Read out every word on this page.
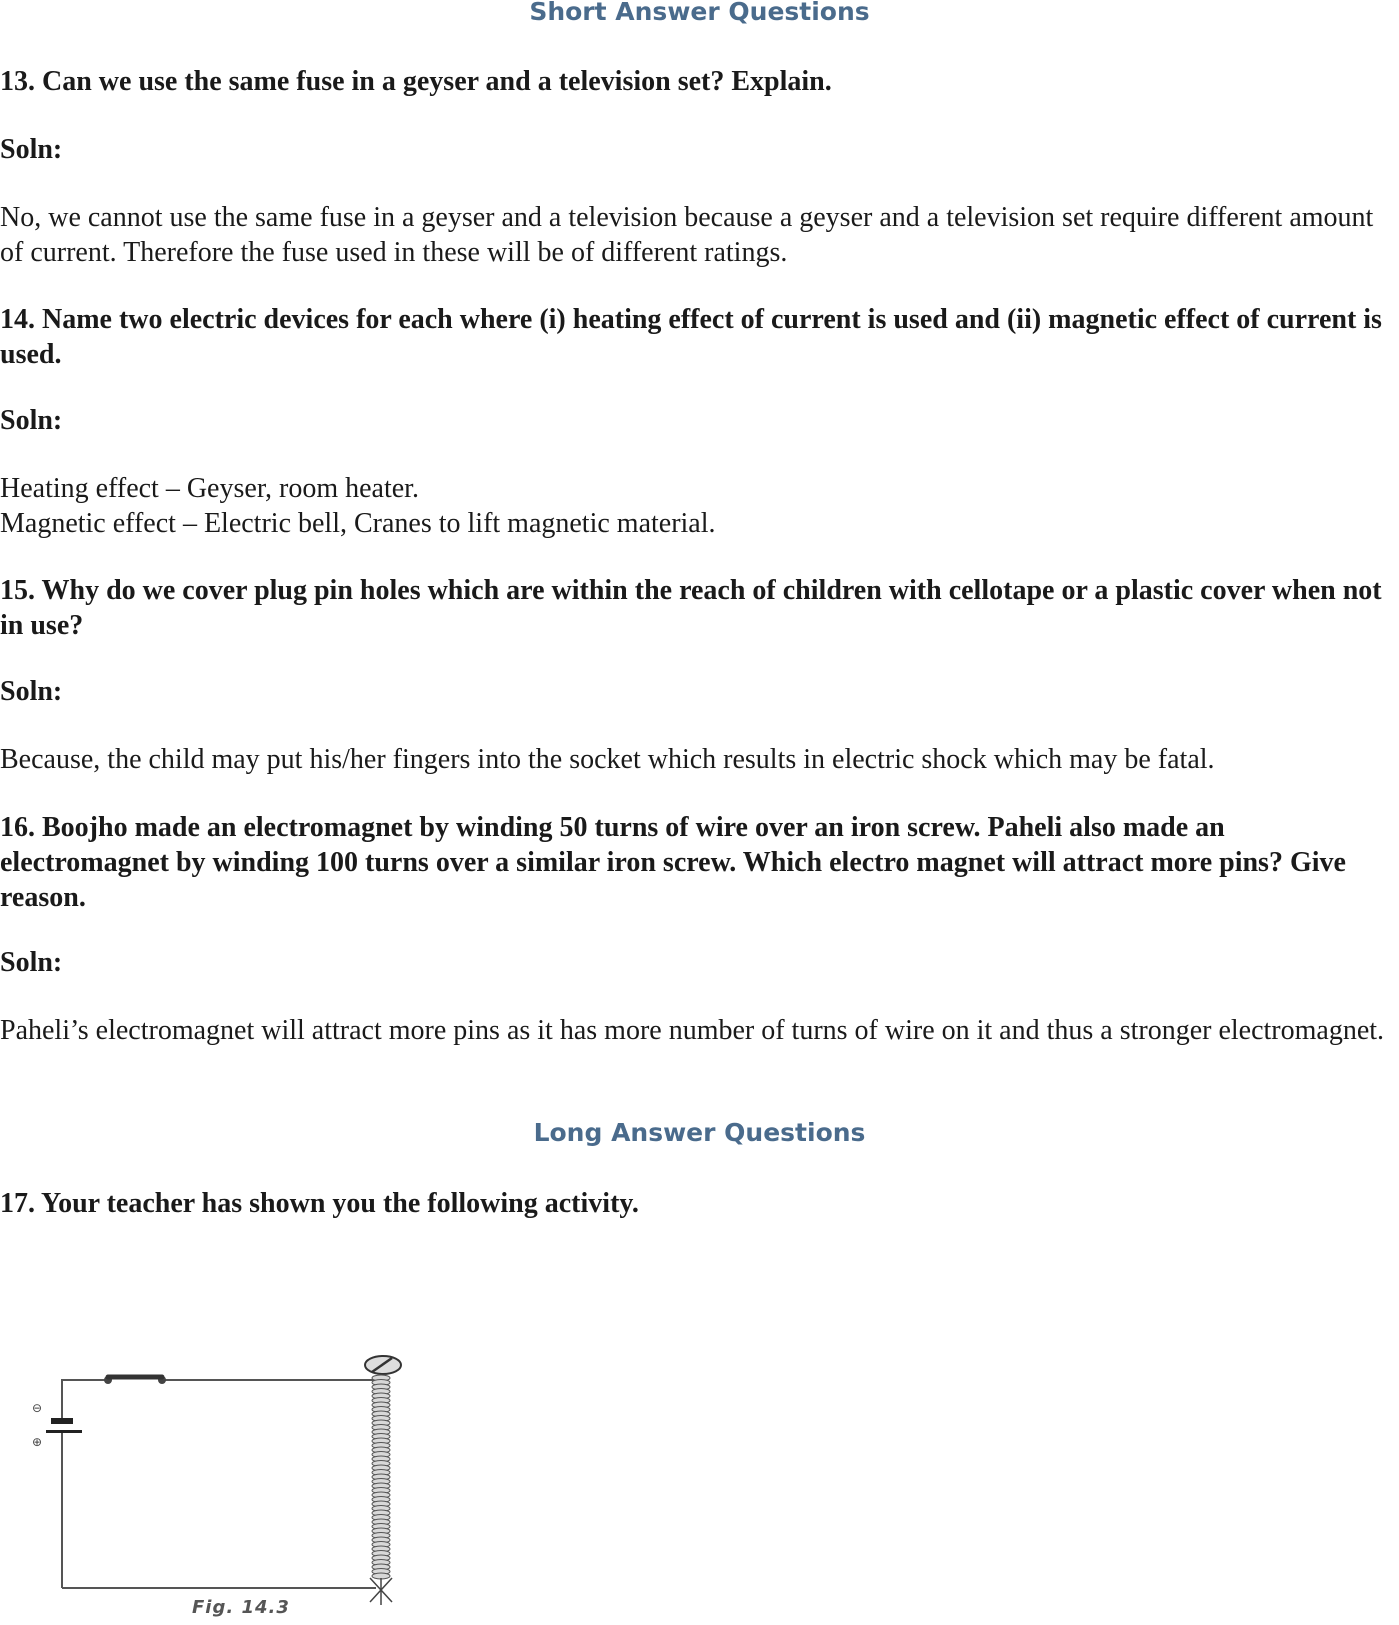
Short Answer Questions

13. Can we use the same fuse in a geyser and a television set? Explain.

Soln:

No, we cannot use the same fuse in a geyser and a television because a geyser and a television set require different amount of current. Therefore the fuse used in these will be of different ratings.

14. Name two electric devices for each where (i) heating effect of current is used and (ii) magnetic effect of current is used.

Soln:

Heating effect – Geyser, room heater.
Magnetic effect – Electric bell, Cranes to lift magnetic material.

15. Why do we cover plug pin holes which are within the reach of children with cellotape or a plastic cover when not in use?

Soln:

Because, the child may put his/her fingers into the socket which results in electric shock which may be fatal.

16. Boojho made an electromagnet by winding 50 turns of wire over an iron screw. Paheli also made an electromagnet by winding 100 turns over a similar iron screw. Which electro magnet will attract more pins? Give reason.

Soln:

Paheli’s electromagnet will attract more pins as it has more number of turns of wire on it and thus a stronger electromagnet.

Long Answer Questions

17. Your teacher has shown you the following activity.

⊖
⊕
Fig. 14.3
